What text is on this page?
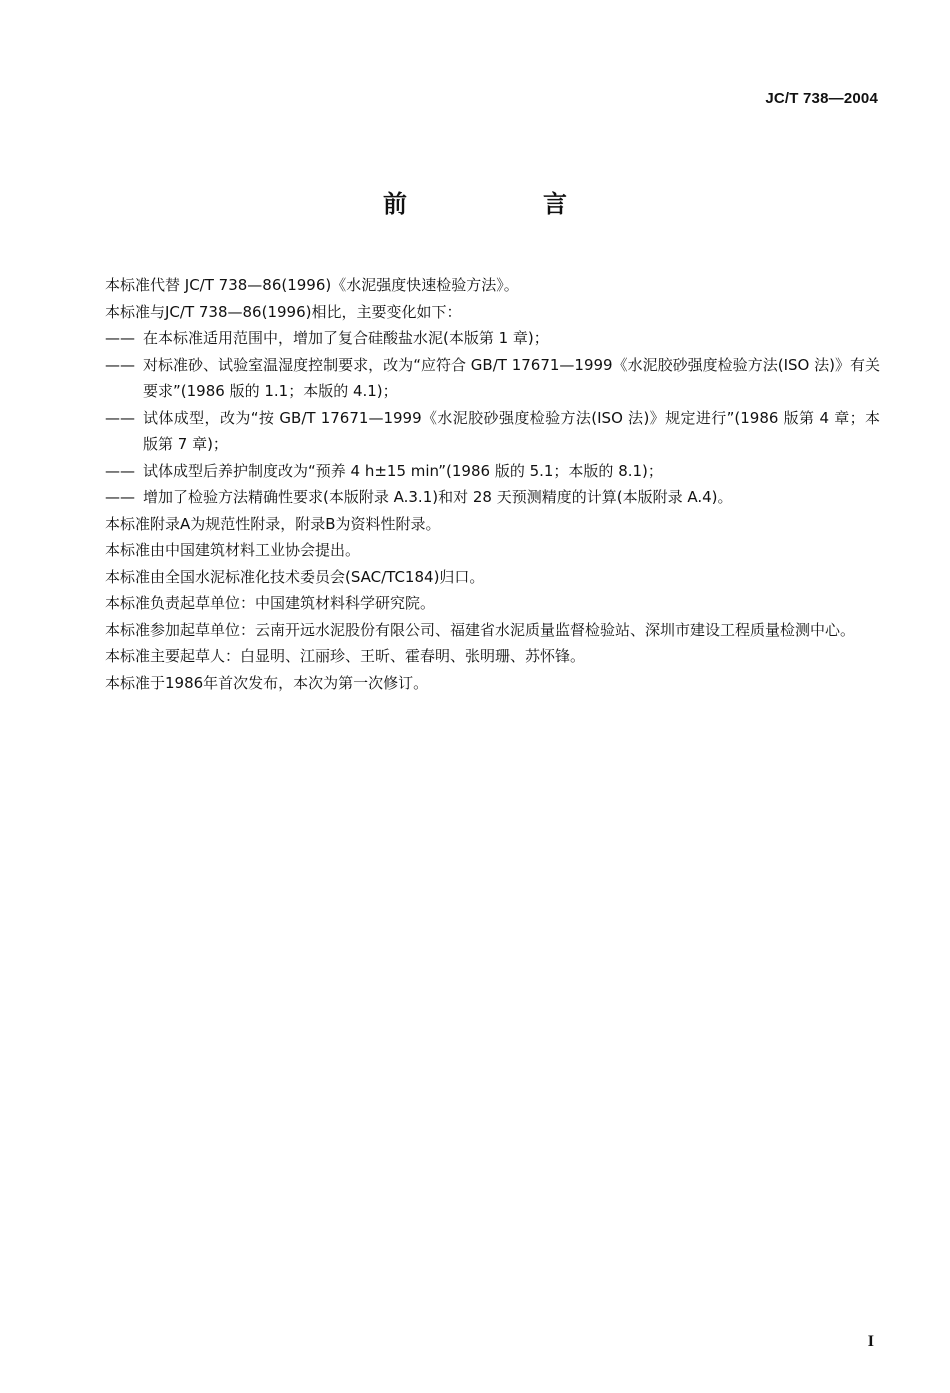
JC/T 738—2004
前　言

本标准代替 JC/T 738—86(1996)《水泥强度快速检验方法》。

本标准与JC/T 738—86(1996)相比，主要变化如下：

—— 在本标准适用范围中，增加了复合硅酸盐水泥(本版第 1 章)；
—— 对标准砂、试验室温湿度控制要求，改为“应符合 GB/T 17671—1999《水泥胶砂强度检验方法(ISO 法)》有关要求”(1986 版的 1.1；本版的 4.1)；
—— 试体成型，改为“按 GB/T 17671—1999《水泥胶砂强度检验方法(ISO 法)》规定进行”(1986 版第 4 章；本版第 7 章)；
—— 试体成型后养护制度改为“预养 4 h±15 min”(1986 版的 5.1；本版的 8.1)；
—— 增加了检验方法精确性要求(本版附录 A.3.1)和对 28 天预测精度的计算(本版附录 A.4)。

本标准附录A为规范性附录，附录B为资料性附录。

本标准由中国建筑材料工业协会提出。

本标准由全国水泥标准化技术委员会(SAC/TC184)归口。

本标准负责起草单位：中国建筑材料科学研究院。

本标准参加起草单位：云南开远水泥股份有限公司、福建省水泥质量监督检验站、深圳市建设工程质量检测中心。

本标准主要起草人：白显明、江丽珍、王昕、霍春明、张明珊、苏怀锋。

本标准于1986年首次发布，本次为第一次修订。

I
